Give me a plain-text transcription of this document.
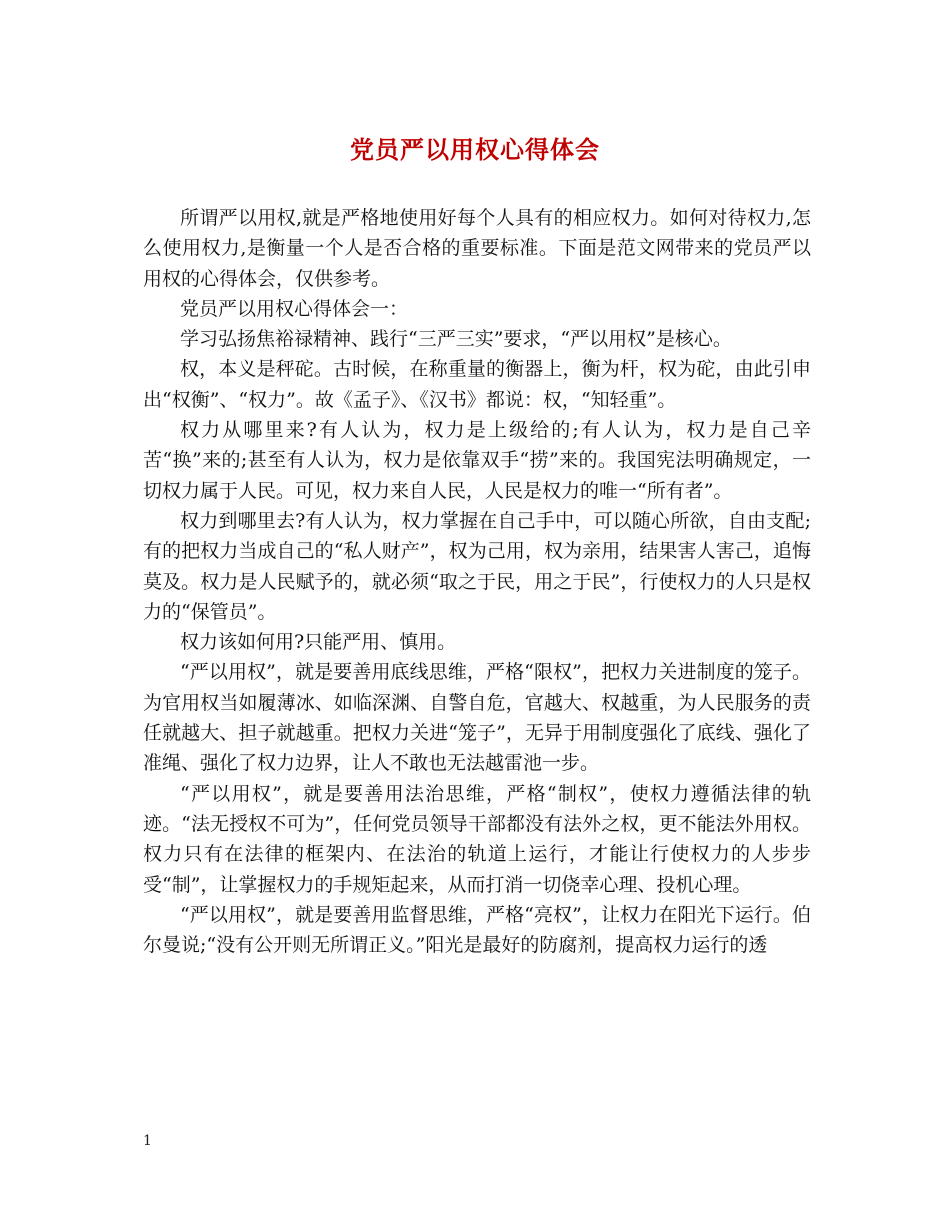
党员严以用权心得体会

所谓严以用权,就是严格地使用好每个人具有的相应权力。如何对待权力,怎么使用权力,是衡量一个人是否合格的重要标准。下面是范文网带来的党员严以用权的心得体会，仅供参考。

党员严以用权心得体会一：

学习弘扬焦裕禄精神、践行“三严三实”要求，“严以用权”是核心。

权，本义是秤砣。古时候，在称重量的衡器上，衡为杆，权为砣，由此引申出“权衡”、“权力”。故《孟子》、《汉书》都说：权，“知轻重”。

权力从哪里来?有人认为，权力是上级给的;有人认为，权力是自己辛苦“换”来的;甚至有人认为，权力是依靠双手“捞”来的。我国宪法明确规定，一切权力属于人民。可见，权力来自人民，人民是权力的唯一“所有者”。

权力到哪里去?有人认为，权力掌握在自己手中，可以随心所欲，自由支配;有的把权力当成自己的“私人财产”，权为己用，权为亲用，结果害人害己，追悔莫及。权力是人民赋予的，就必须“取之于民，用之于民”，行使权力的人只是权力的“保管员”。

权力该如何用?只能严用、慎用。

“严以用权”，就是要善用底线思维，严格“限权”，把权力关进制度的笼子。为官用权当如履薄冰、如临深渊、自警自危，官越大、权越重，为人民服务的责任就越大、担子就越重。把权力关进“笼子”，无异于用制度强化了底线、强化了准绳、强化了权力边界，让人不敢也无法越雷池一步。

“严以用权”，就是要善用法治思维，严格“制权”，使权力遵循法律的轨迹。“法无授权不可为”，任何党员领导干部都没有法外之权，更不能法外用权。权力只有在法律的框架内、在法治的轨道上运行，才能让行使权力的人步步受“制”，让掌握权力的手规矩起来，从而打消一切侥幸心理、投机心理。

“严以用权”，就是要善用监督思维，严格“亮权”，让权力在阳光下运行。伯尔曼说;“没有公开则无所谓正义。”阳光是最好的防腐剂，提高权力运行的透

1
